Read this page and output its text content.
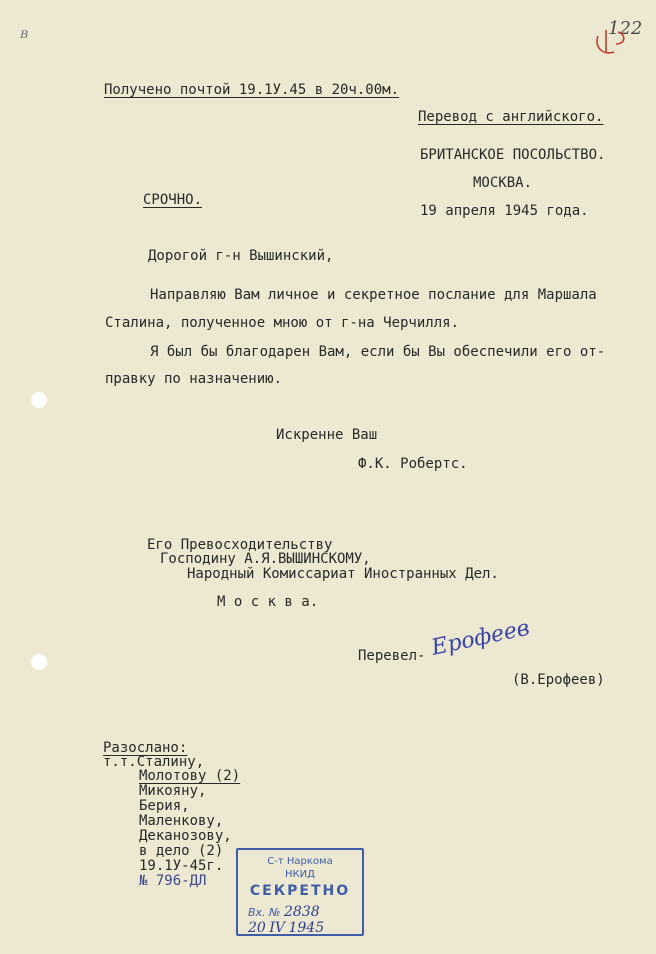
ᴮ	122
Получено почтой 19.1У.45 в 20ч.00м.
Перевод с английского.
БРИТАНСКОЕ ПОСОЛЬСТВО.
МОСКВА.
СРОЧНО.
19 апреля 1945 года.
Дорогой г-н Вышинский,
Направляю Вам личное и секретное послание для Маршала
Сталина, полученное мною от г-на Черчилля.
Я был бы благодарен Вам, если бы Вы обеспечили его от-
правку по назначению.
Искренне Ваш
Ф.К. Робертс.
Его Превосходительству
Господину А.Я.ВЫШИНСКОМУ,
Народный Комиссариат Иностранных Дел.
М о с к в а.
Перевел- Ерофеев
(В.Ерофеев)
Разослано:
т.т.Сталину,
Молотову (2)
Микояну,
Берия,
Маленкову,
Деканозову,
в дело (2)
19.1У-45г.
№ 796-ДЛ
С-т Наркома
НКИД
СЕКРЕТНО
Вх. № 2838
20 IV 1945
